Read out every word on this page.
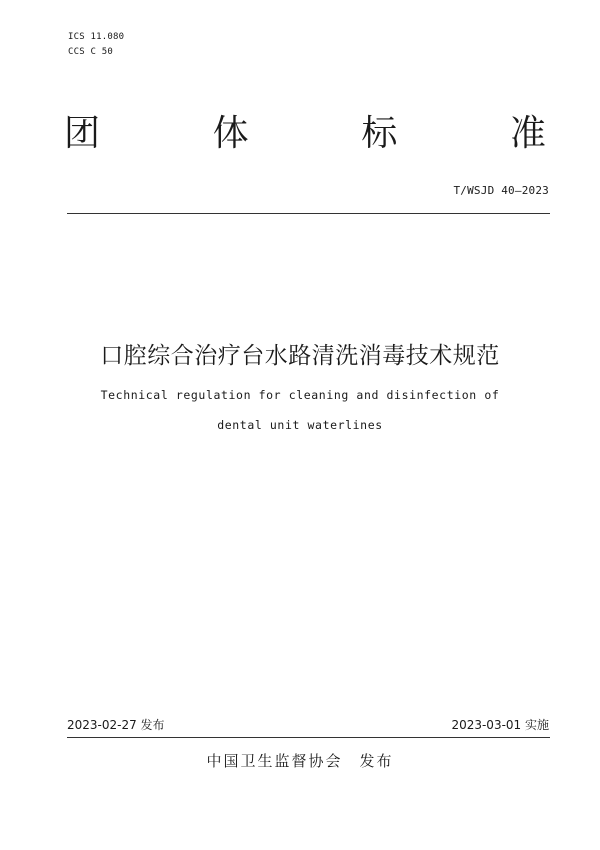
ICS 11.080
CCS C 50
团	体	标	准
T/WSJD 40—2023
口腔综合治疗台水路清洗消毒技术规范
Technical regulation for cleaning and disinfection of
dental unit waterlines
2023-02-27 发布	2023-03-01 实施
中国卫生监督协会　发布
